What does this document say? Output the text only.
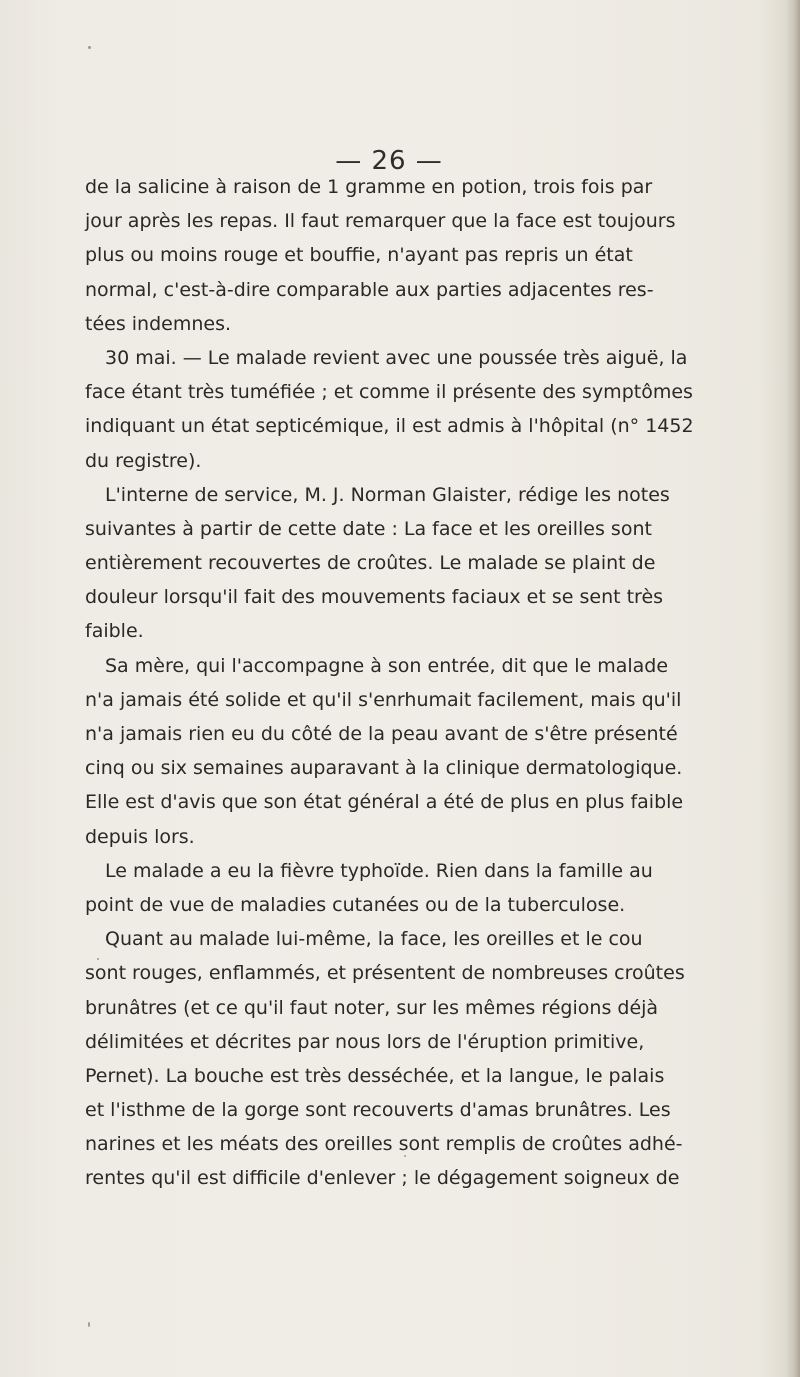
— 26 —
de la salicine à raison de 1 gramme en potion, trois fois par
jour après les repas. Il faut remarquer que la face est toujours
plus ou moins rouge et bouffie, n'ayant pas repris un état
normal, c'est-à-dire comparable aux parties adjacentes res-
tées indemnes.
30 mai. — Le malade revient avec une poussée très aiguë, la
face étant très tuméfiée ; et comme il présente des symptômes
indiquant un état septicémique, il est admis à l'hôpital (n° 1452
du registre).
L'interne de service, M. J. Norman Glaister, rédige les notes
suivantes à partir de cette date : La face et les oreilles sont
entièrement recouvertes de croûtes. Le malade se plaint de
douleur lorsqu'il fait des mouvements faciaux et se sent très
faible.
Sa mère, qui l'accompagne à son entrée, dit que le malade
n'a jamais été solide et qu'il s'enrhumait facilement, mais qu'il
n'a jamais rien eu du côté de la peau avant de s'être présenté
cinq ou six semaines auparavant à la clinique dermatologique.
Elle est d'avis que son état général a été de plus en plus faible
depuis lors.
Le malade a eu la fièvre typhoïde. Rien dans la famille au
point de vue de maladies cutanées ou de la tuberculose.
Quant au malade lui-même, la face, les oreilles et le cou
sont rouges, enflammés, et présentent de nombreuses croûtes
brunâtres (et ce qu'il faut noter, sur les mêmes régions déjà
délimitées et décrites par nous lors de l'éruption primitive,
Pernet). La bouche est très desséchée, et la langue, le palais
et l'isthme de la gorge sont recouverts d'amas brunâtres. Les
narines et les méats des oreilles sont remplis de croûtes adhé-
rentes qu'il est difficile d'enlever ; le dégagement soigneux de
